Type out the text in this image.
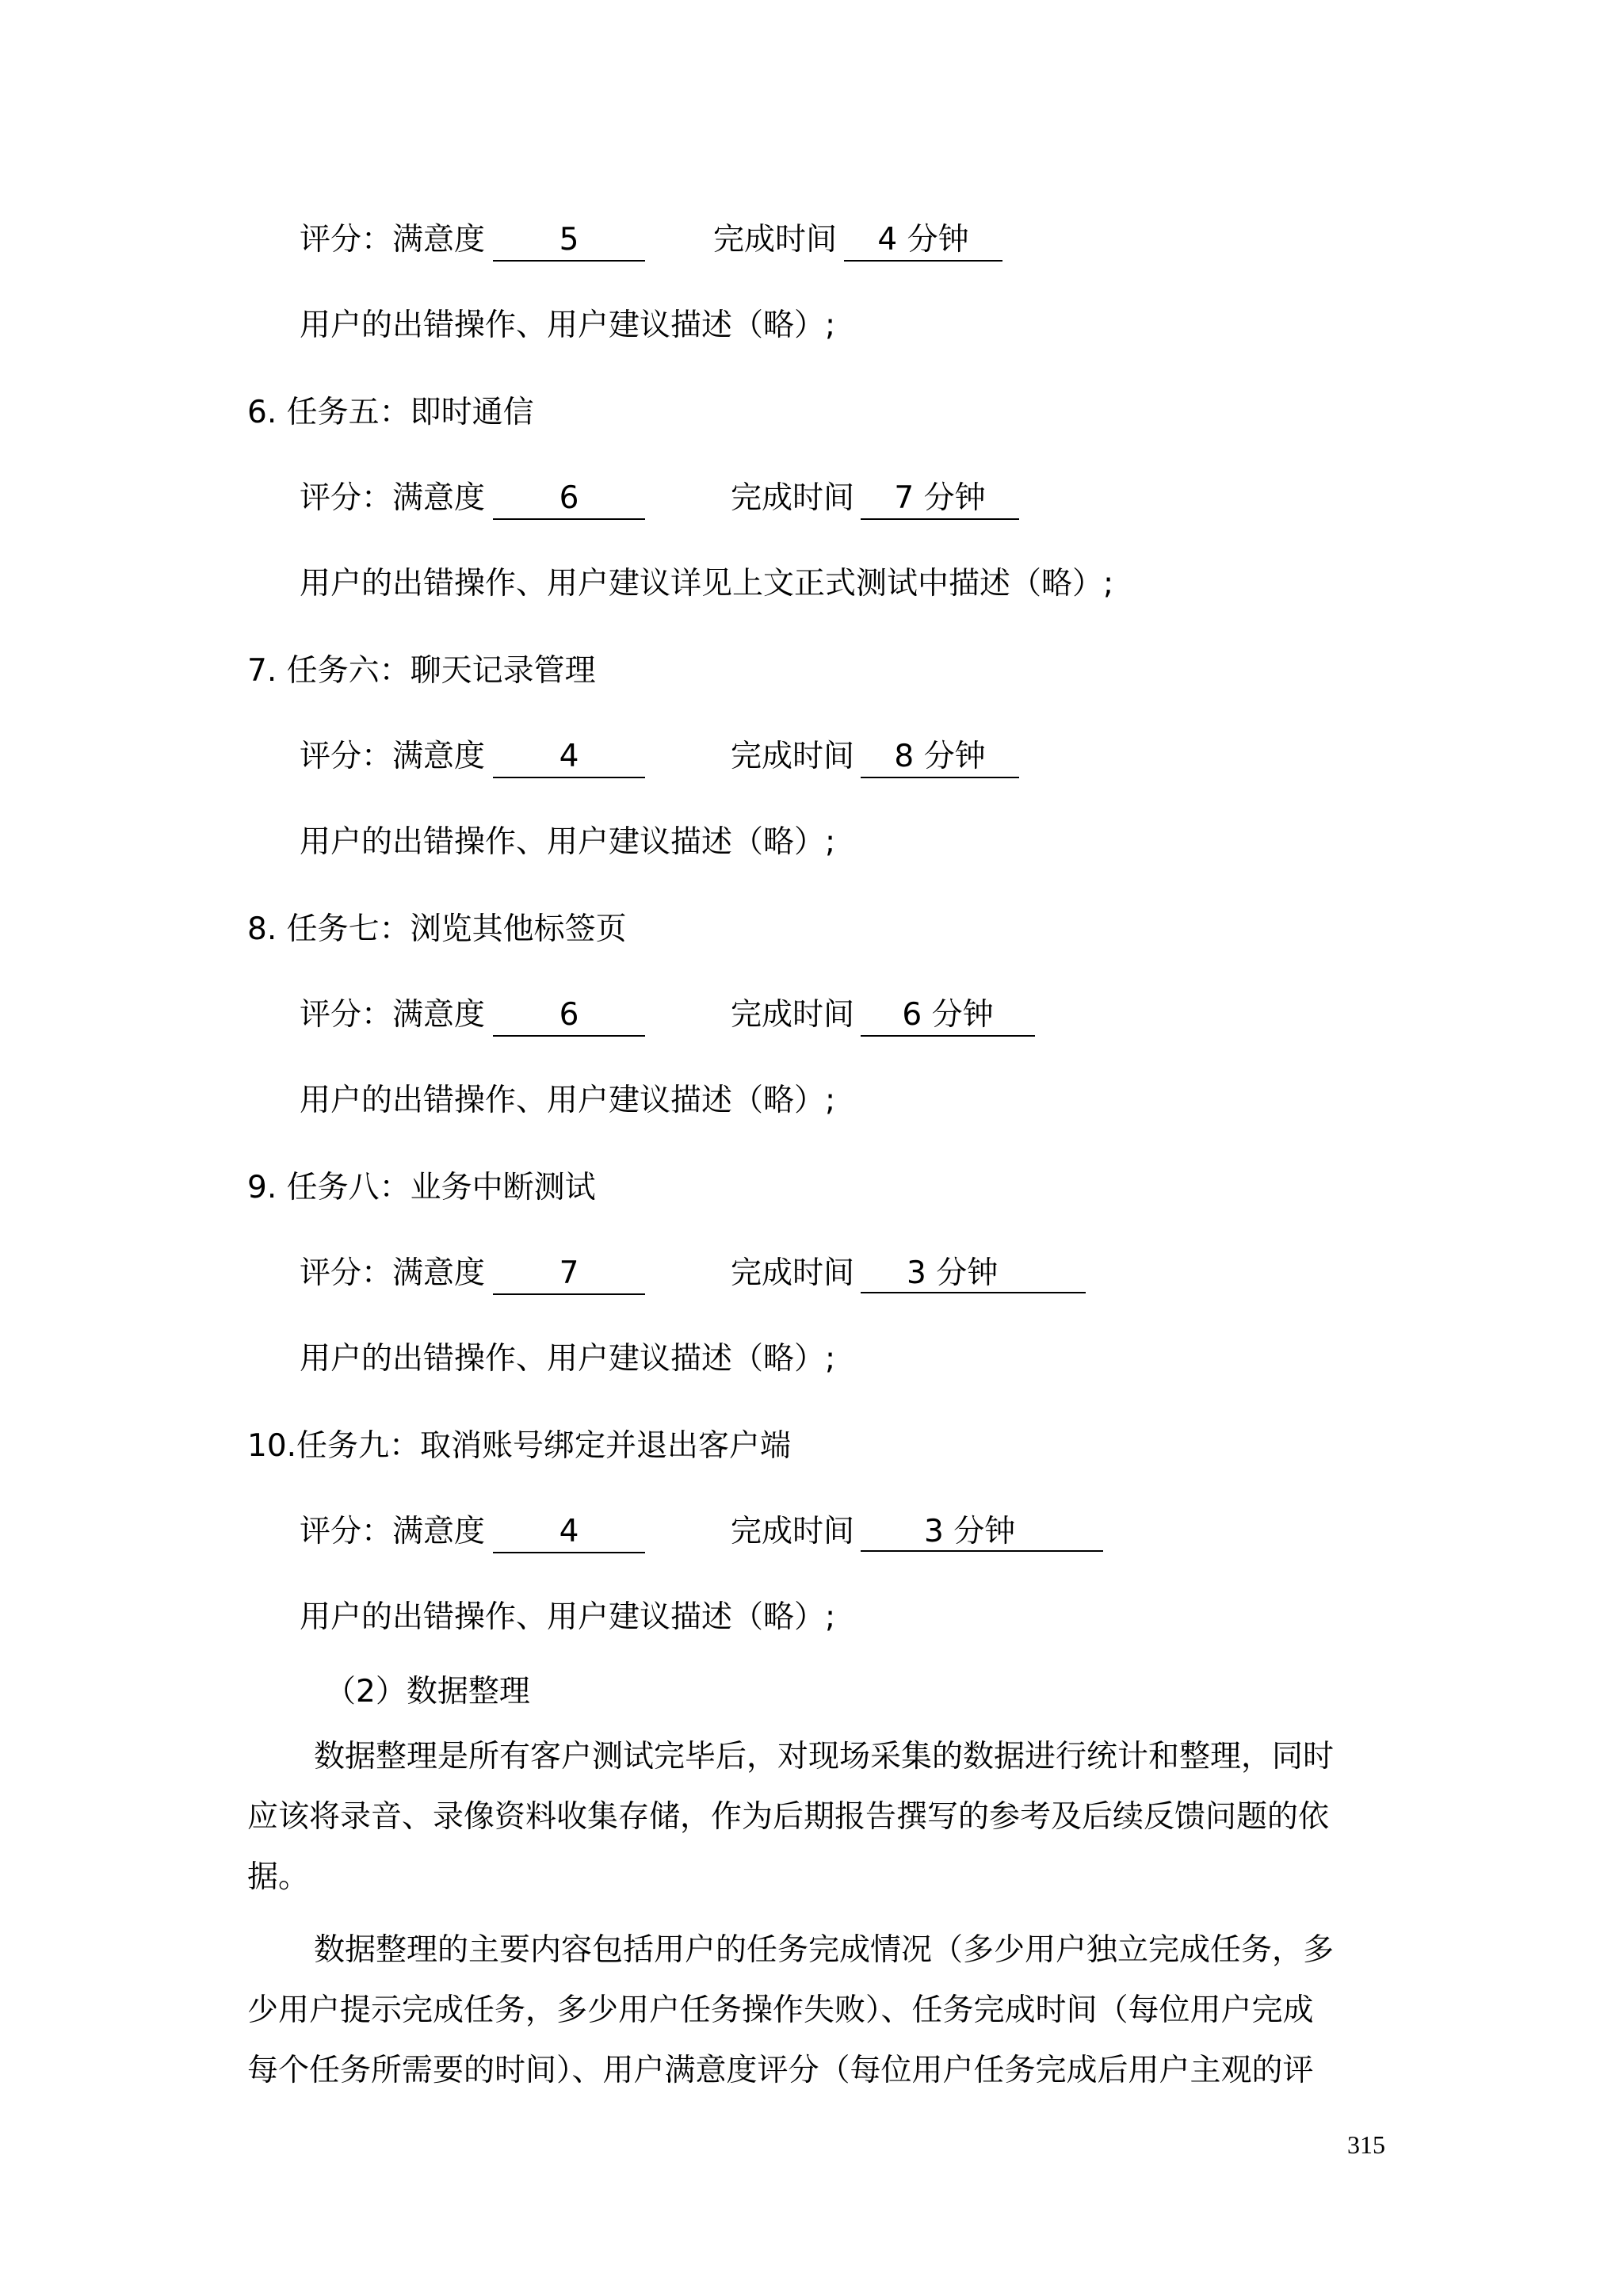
评分：满意度	5	完成时间	4 分钟
用户的出错操作、用户建议描述（略）;
6. 任务五：即时通信
评分：满意度	6	完成时间	7 分钟
用户的出错操作、用户建议详见上文正式测试中描述（略）;
7. 任务六：聊天记录管理
评分：满意度	4	完成时间	8 分钟
用户的出错操作、用户建议描述（略）;
8. 任务七：浏览其他标签页
评分：满意度	6	完成时间	6 分钟
用户的出错操作、用户建议描述（略）;
9. 任务八：业务中断测试
评分：满意度	7	完成时间	3 分钟
用户的出错操作、用户建议描述（略）;
10.任务九：取消账号绑定并退出客户端
评分：满意度	4	完成时间	3 分钟
用户的出错操作、用户建议描述（略）;
（2）数据整理
数据整理是所有客户测试完毕后，对现场采集的数据进行统计和整理，同时
应该将录音、录像资料收集存储，作为后期报告撰写的参考及后续反馈问题的依
据。
数据整理的主要内容包括用户的任务完成情况（多少用户独立完成任务，多
少用户提示完成任务，多少用户任务操作失败）、任务完成时间（每位用户完成
每个任务所需要的时间）、用户满意度评分（每位用户任务完成后用户主观的评
315
